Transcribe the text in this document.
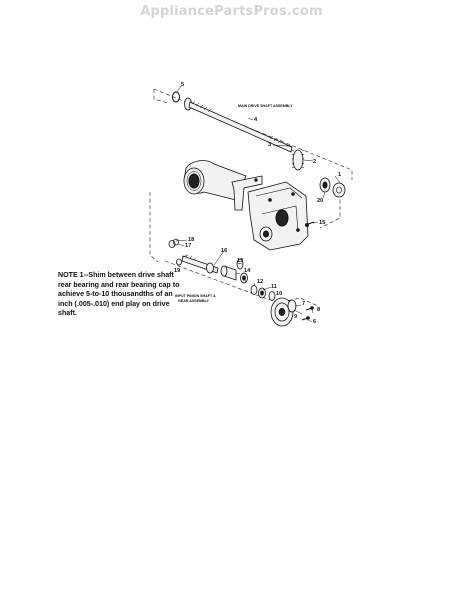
AppliancePartsPros.com
MAIN DRIVE SHAFT ASSEMBLY
INPUT PINION SHAFT &
GEAR ASSEMBLY
5
4
3
2
1
20
15
18
17
19
16
13
14
12
11
10
8
7
6
9
NOTE 1--Shim between drive shaft rear bearing and rear bearing cap to achieve 5-to-10 thousandths of an inch (.005-.010) end play on drive shaft.
